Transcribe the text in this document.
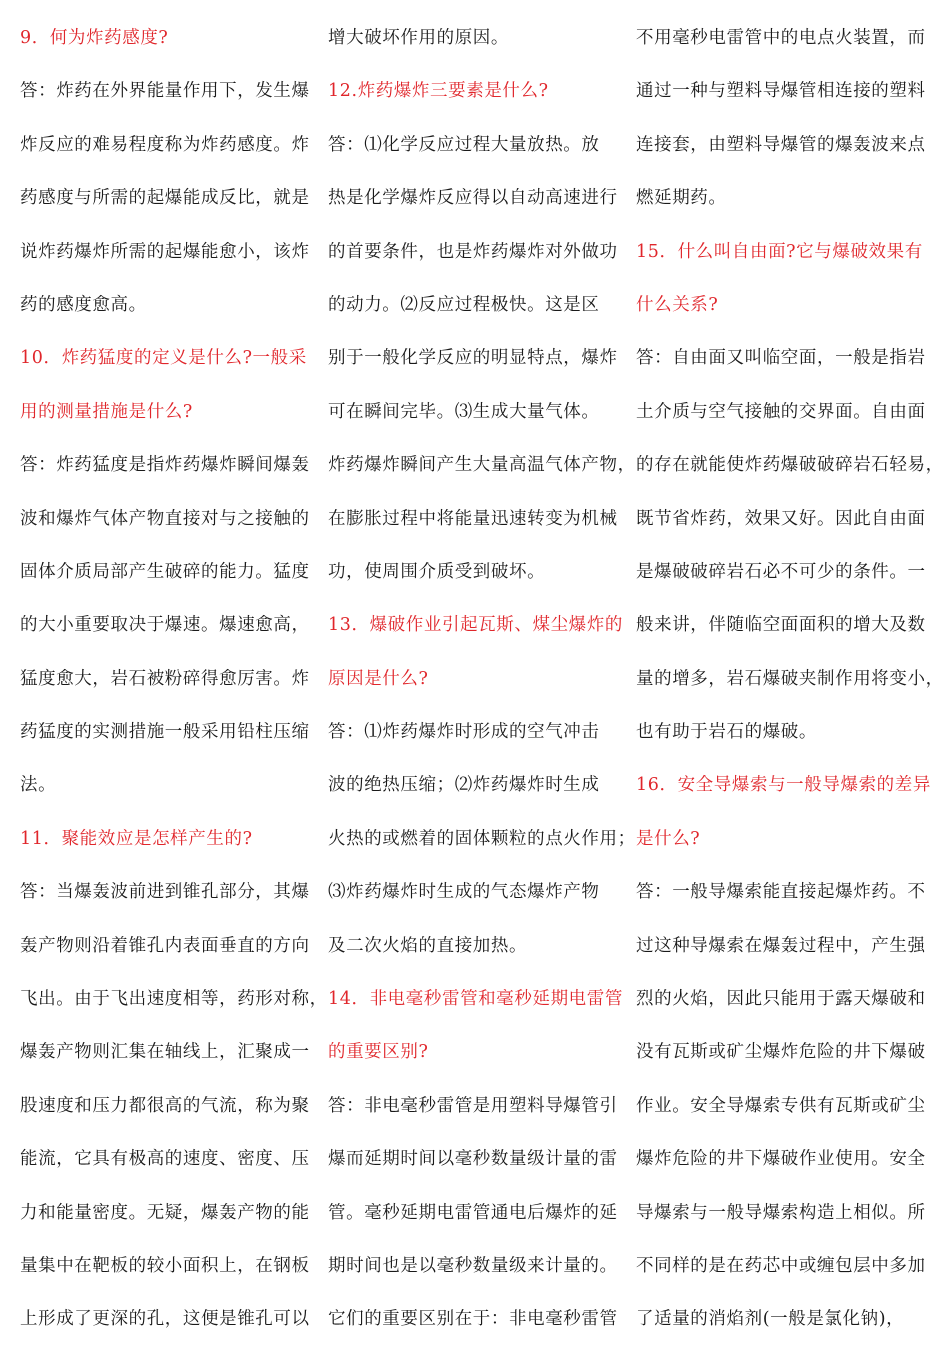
9．何为炸药感度?
答：炸药在外界能量作用下，发生爆
炸反应的难易程度称为炸药感度。炸
药感度与所需的起爆能成反比，就是
说炸药爆炸所需的起爆能愈小，该炸
药的感度愈高。
10．炸药猛度的定义是什么?一般采
用的测量措施是什么?
答：炸药猛度是指炸药爆炸瞬间爆轰
波和爆炸气体产物直接对与之接触的
固体介质局部产生破碎的能力。猛度
的大小重要取决于爆速。爆速愈高，
猛度愈大，岩石被粉碎得愈厉害。炸
药猛度的实测措施一般采用铅柱压缩
法。
11．聚能效应是怎样产生的?
答：当爆轰波前进到锥孔部分，其爆
轰产物则沿着锥孔内表面垂直的方向
飞出。由于飞出速度相等，药形对称，
爆轰产物则汇集在轴线上，汇聚成一
股速度和压力都很高的气流，称为聚
能流，它具有极高的速度、密度、压
力和能量密度。无疑，爆轰产物的能
量集中在靶板的较小面积上，在钢板
上形成了更深的孔，这便是锥孔可以
增大破坏作用的原因。
12.炸药爆炸三要素是什么?
答：⑴化学反应过程大量放热。放
热是化学爆炸反应得以自动高速进行
的首要条件，也是炸药爆炸对外做功
的动力。⑵反应过程极快。这是区
别于一般化学反应的明显特点，爆炸
可在瞬间完毕。⑶生成大量气体。
炸药爆炸瞬间产生大量高温气体产物，
在膨胀过程中将能量迅速转变为机械
功，使周围介质受到破坏。
13．爆破作业引起瓦斯、煤尘爆炸的
原因是什么?
答：⑴炸药爆炸时形成的空气冲击
波的绝热压缩；⑵炸药爆炸时生成
火热的或燃着的固体颗粒的点火作用；
⑶炸药爆炸时生成的气态爆炸产物
及二次火焰的直接加热。
14．非电毫秒雷管和毫秒延期电雷管
的重要区别?
答：非电毫秒雷管是用塑料导爆管引
爆而延期时间以毫秒数量级计量的雷
管。毫秒延期电雷管通电后爆炸的延
期时间也是以毫秒数量级来计量的。
它们的重要区别在于：非电毫秒雷管
不用毫秒电雷管中的电点火装置，而
通过一种与塑料导爆管相连接的塑料
连接套，由塑料导爆管的爆轰波来点
燃延期药。
15．什么叫自由面?它与爆破效果有
什么关系?
答：自由面又叫临空面，一般是指岩
土介质与空气接触的交界面。自由面
的存在就能使炸药爆破破碎岩石轻易，
既节省炸药，效果又好。因此自由面
是爆破破碎岩石必不可少的条件。一
般来讲，伴随临空面面积的增大及数
量的增多，岩石爆破夹制作用将变小，
也有助于岩石的爆破。
16．安全导爆索与一般导爆索的差异
是什么?
答：一般导爆索能直接起爆炸药。不
过这种导爆索在爆轰过程中，产生强
烈的火焰，因此只能用于露天爆破和
没有瓦斯或矿尘爆炸危险的井下爆破
作业。安全导爆索专供有瓦斯或矿尘
爆炸危险的井下爆破作业使用。安全
导爆索与一般导爆索构造上相似。所
不同样的是在药芯中或缠包层中多加
了适量的消焰剂(一般是氯化钠)，
